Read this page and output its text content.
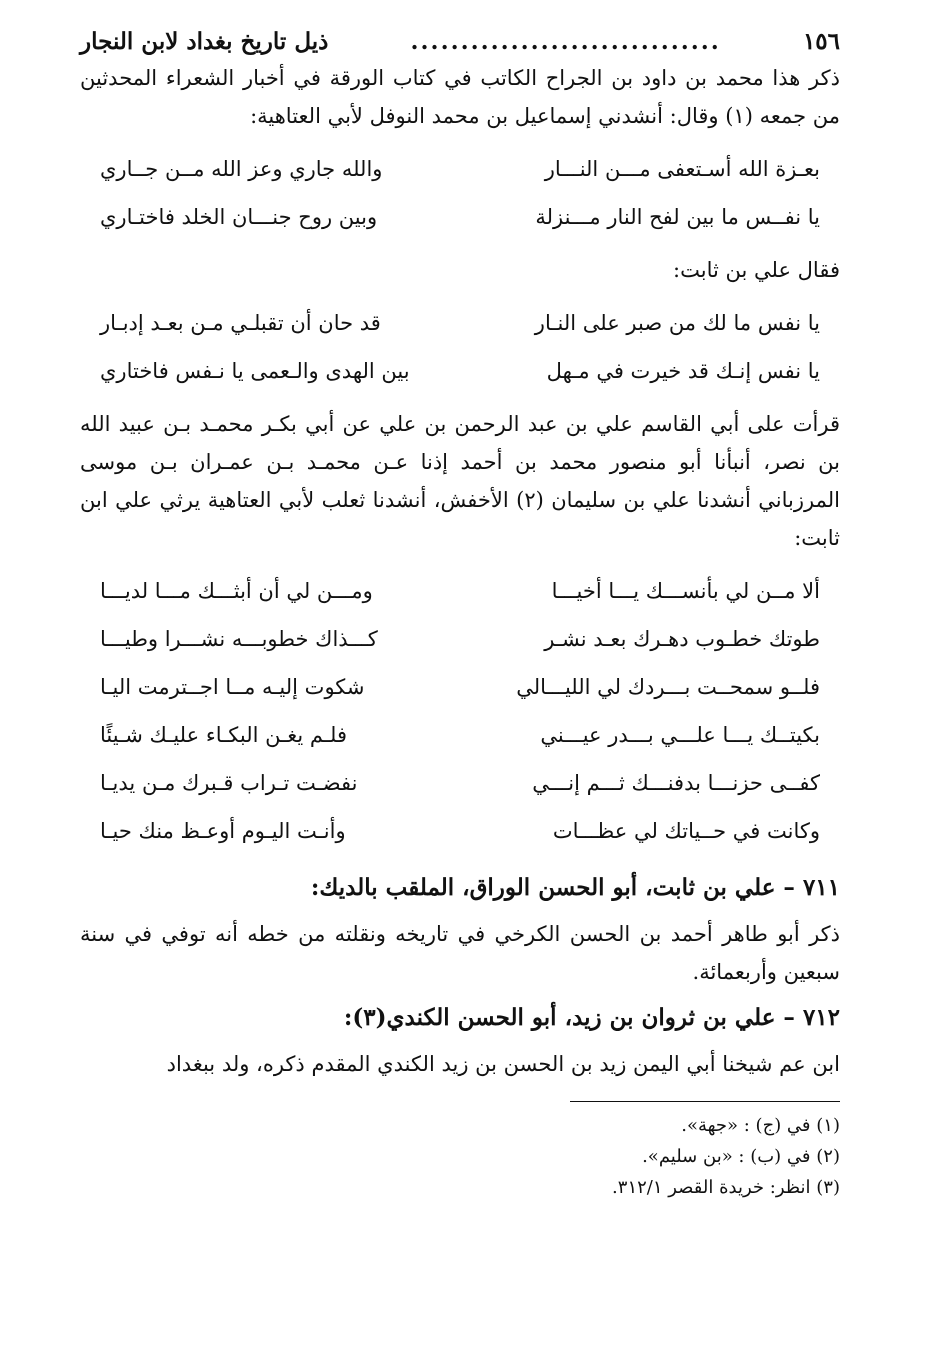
١٥٦
...............................
ذيل تاريخ بغداد لابن النجار

ذكر هذا محمد بن داود بن الجراح الكاتب في كتاب الورقة في أخبار الشعراء المحدثين من جمعه (١) وقال: أنشدني إسماعيل بن محمد النوفل لأبي العتاهية:

بعـزة الله أسـتعفى مـــن النـــار
والله جاري وعز الله مــن جــاري
يا نفــس ما بين لفح النار مـــنزلة
وبين روح جنـــان الخلد فاختـاري

فقال علي بن ثابت:

يا نفس ما لك من صبر على النـار
قد حان أن تقبلـي مـن بعـد إدبـار
يا نفس إنـك قد خيرت في مـهل
بين الهدى والـعمى يا نـفس فاختاري

قرأت على أبي القاسم علي بن عبد الرحمن بن علي عن أبي بكـر محمـد بـن عبيد الله بن نصر، أنبأنا أبو منصور محمد بن أحمد إذنا عـن محمـد بـن عمـران بـن موسى المرزباني أنشدنا علي بن سليمان (٢) الأخفش، أنشدنا ثعلب لأبي العتاهية يرثي علي ابن ثابت:

ألا مــن لي بأنســـك يـــا أخيـــا
ومـــن لي أن أبثـــك مـــا لديـــا
طوتك خطـوب دهـرك بعـد نشـر
كـــذاك خطوبـــه نشـــرا وطيـــا
فلــو سمحــت بـــردك لي الليـــالي
شكوت إليـه مــا اجــترمت اليـا
بكيتــك يـــا علـــي بـــدر عيـــني
فلـم يغـن البكـاء عليـك شـيئًا
كفــى حزنـــا بدفنـــك ثـــم إنـــي
نفضـت تـراب قـبرك مـن يديـا
وكانت في حــياتك لي عظـــات
وأنـت اليـوم أوعـظ منك حيـا
٧١١ – علي بن ثابت، أبو الحسن الوراق، الملقب بالديك:

ذكر أبو طاهر أحمد بن الحسن الكرخي في تاريخه ونقلته من خطه أنه توفي في سنة سبعين وأربعمائة.

٧١٢ – علي بن ثروان بن زيد، أبو الحسن الكندي(٣):

ابن عم شيخنا أبي اليمن زيد بن الحسن بن زيد الكندي المقدم ذكره، ولد ببغداد

(١) في (ج) : «جهة».
(٢) في (ب) : «بن سليم».
(٣) انظر: خريدة القصر ٣١٢/١.
